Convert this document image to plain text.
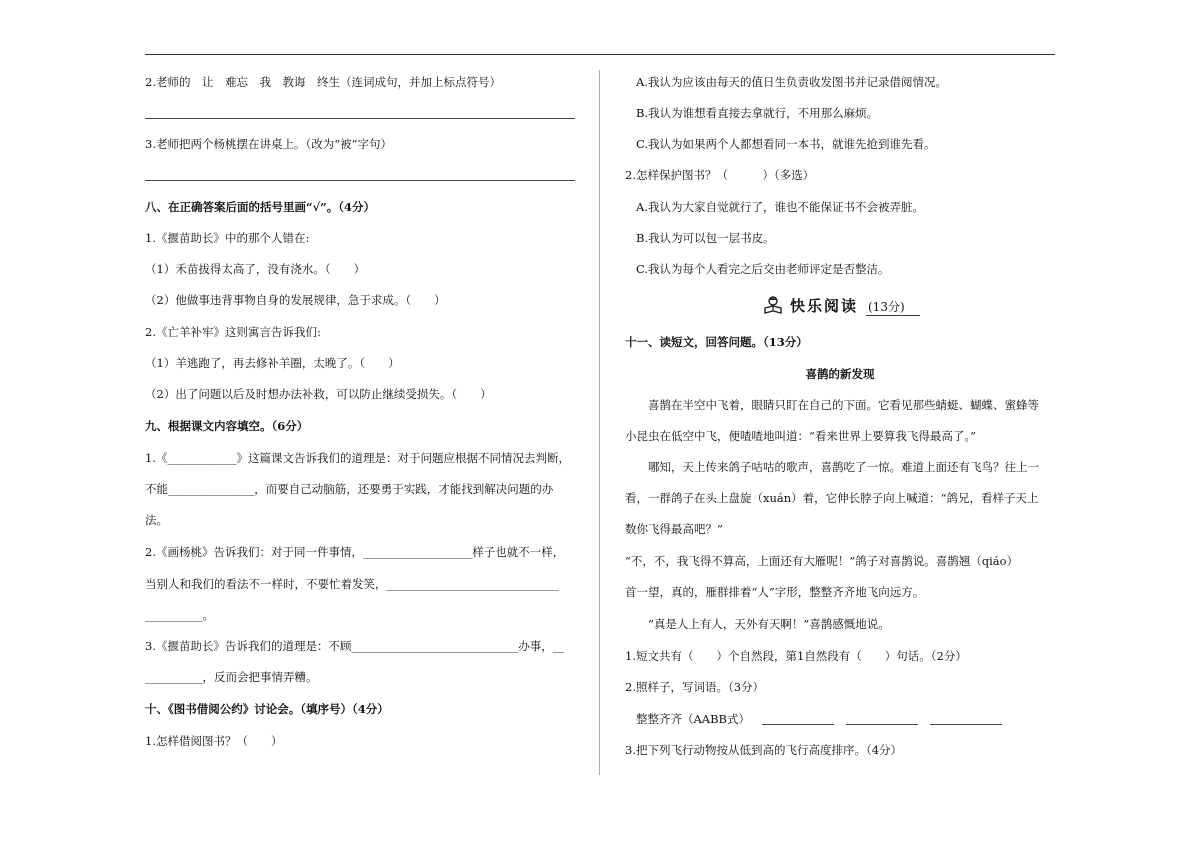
2.老师的　让　难忘　我　教诲　终生（连词成句，并加上标点符号）
3.老师把两个杨桃摆在讲桌上。（改为“被”字句）
八、在正确答案后面的括号里画“√”。（4分）
1.《揠苗助长》中的那个人错在:
（1）禾苗拔得太高了，没有浇水。（　　）
（2）他做事违背事物自身的发展规律，急于求成。（　　）
2.《亡羊补牢》这则寓言告诉我们:
（1）羊逃跑了，再去修补羊圈，太晚了。（　　）
（2）出了问题以后及时想办法补救，可以防止继续受损失。（　　）
九、根据课文内容填空。（6分）
1.《____________》这篇课文告诉我们的道理是：对于问题应根据不同情况去判断，
不能_______________，而要自己动脑筋，还要勇于实践，才能找到解决问题的办
法。
2.《画杨桃》告诉我们：对于同一件事情，___________________样子也就不一样，
当别人和我们的看法不一样时，不要忙着发笑，______________________________
__________。
3.《揠苗助长》告诉我们的道理是：不顾_____________________________办事，__
__________，反而会把事情弄糟。
十、《图书借阅公约》讨论会。（填序号）（4分）
1.怎样借阅图书？（　　）
A.我认为应该由每天的值日生负责收发图书并记录借阅情况。
B.我认为谁想看直接去拿就行，不用那么麻烦。
C.我认为如果两个人都想看同一本书，就谁先抢到谁先看。
2.怎样保护图书？（　　　）（多选）
A.我认为大家自觉就行了，谁也不能保证书不会被弄脏。
B.我认为可以包一层书皮。
C.我认为每个人看完之后交由老师评定是否整洁。
快乐阅读 (13分)
十一、读短文，回答问题。（13分）
喜鹊的新发现
　　喜鹊在半空中飞着，眼睛只盯在自己的下面。它看见那些蜻蜓、蝴蝶、蜜蜂等
小昆虫在低空中飞，便喳喳地叫道：“看来世界上要算我飞得最高了。”
　　哪知，天上传来鸽子咕咕的歌声，喜鹊吃了一惊。难道上面还有飞鸟？往上一
看，一群鸽子在头上盘旋（xuán）着，它伸长脖子向上喊道：“鸽兄，看样子天上
数你飞得最高吧？”
“不，不，我飞得不算高，上面还有大雁呢！”鸽子对喜鹊说。喜鹊翘（qiáo）
首一望，真的，雁群排着“人”字形，整整齐齐地飞向远方。
　　“真是人上有人，天外有天啊！”喜鹊感慨地说。
1.短文共有（　　）个自然段，第1自然段有（　　）句话。（2分）
2.照样子，写词语。（3分）
整整齐齐（AABB式）
3.把下列飞行动物按从低到高的飞行高度排序。（4分）
